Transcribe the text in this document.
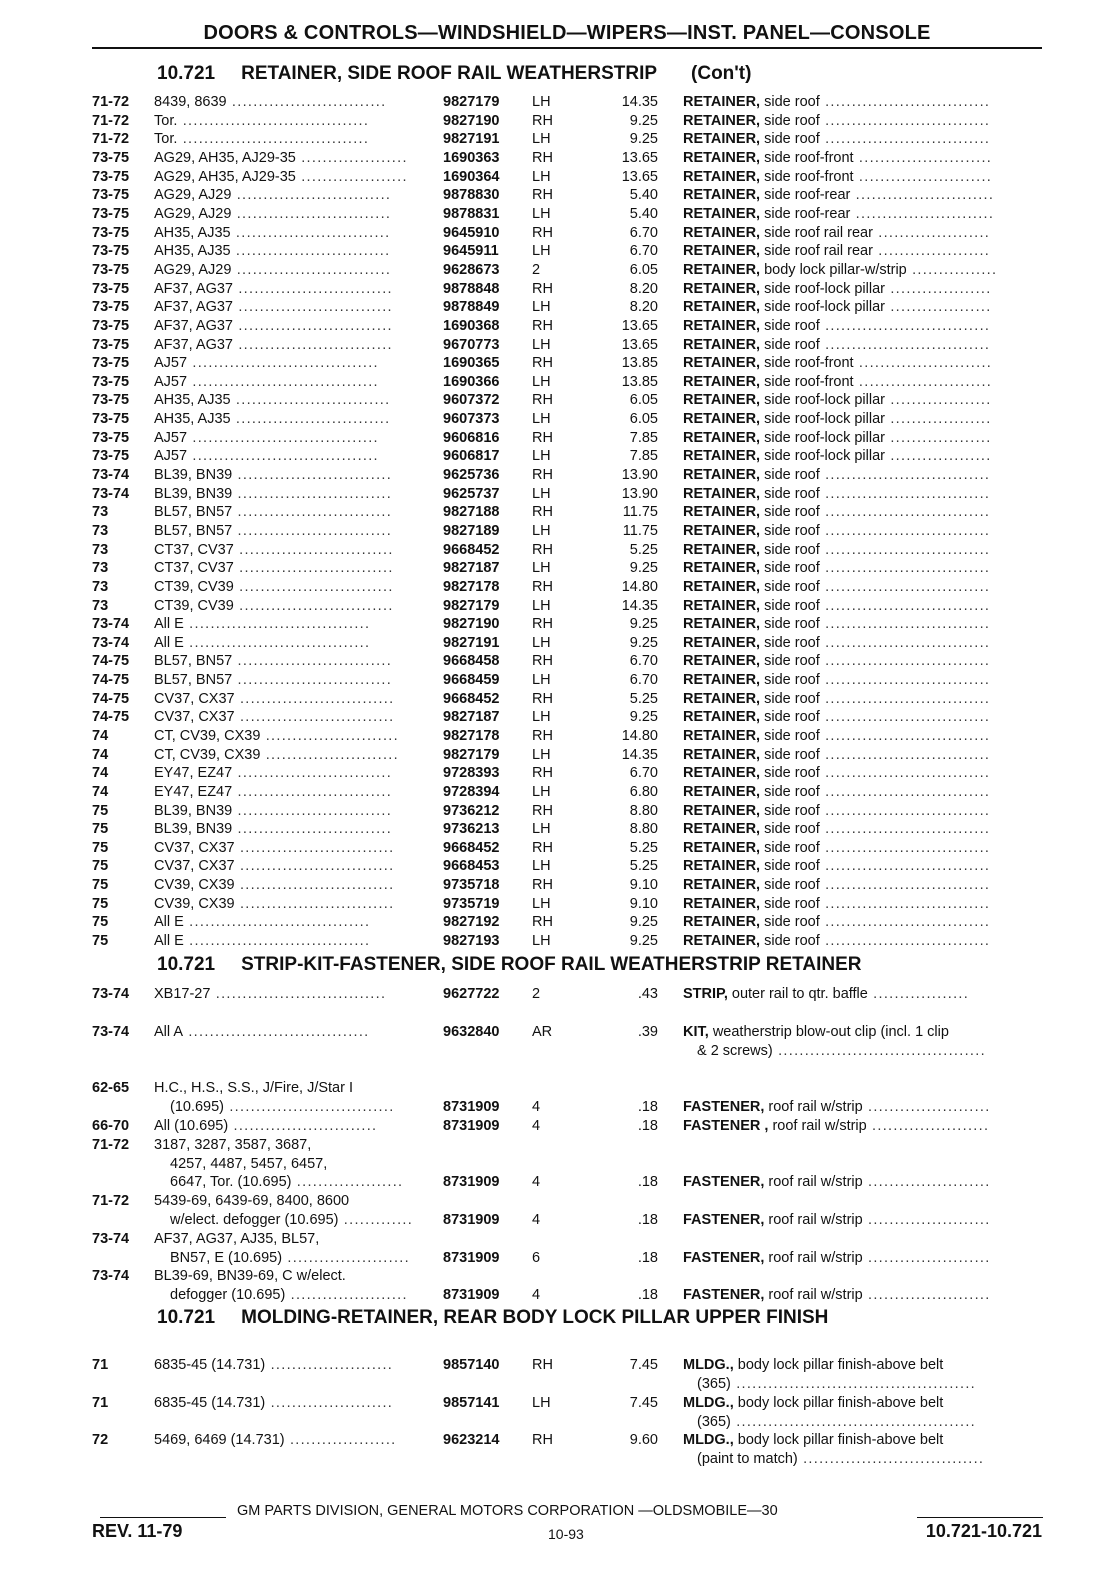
DOORS & CONTROLS—WINDSHIELD—WIPERS—INST. PANEL—CONSOLE
10.721 RETAINER, SIDE ROOF RAIL WEATHERSTRIP (Con't)
71-72 8439, 8639 .............................	9827179 LH	14.35 RETAINER, side roof ...............................
71-72 Tor. ...................................	9827190 RH	9.25 RETAINER, side roof ...............................
71-72 Tor. ...................................	9827191 LH	9.25 RETAINER, side roof ...............................
73-75 AG29, AH35, AJ29-35 ....................	1690363 RH	13.65 RETAINER, side roof-front .........................
73-75 AG29, AH35, AJ29-35 ....................	1690364 LH	13.65 RETAINER, side roof-front .........................
73-75 AG29, AJ29 .............................	9878830 RH	5.40 RETAINER, side roof-rear ..........................
73-75 AG29, AJ29 .............................	9878831 LH	5.40 RETAINER, side roof-rear ..........................
73-75 AH35, AJ35 .............................	9645910 RH	6.70 RETAINER, side roof rail rear .....................
73-75 AH35, AJ35 .............................	9645911 LH	6.70 RETAINER, side roof rail rear .....................
73-75 AG29, AJ29 .............................	9628673 2	6.05 RETAINER, body lock pillar-w/strip ................
73-75 AF37, AG37 .............................	9878848 RH	8.20 RETAINER, side roof-lock pillar ...................
73-75 AF37, AG37 .............................	9878849 LH	8.20 RETAINER, side roof-lock pillar ...................
73-75 AF37, AG37 .............................	1690368 RH	13.65 RETAINER, side roof ...............................
73-75 AF37, AG37 .............................	9670773 LH	13.65 RETAINER, side roof ...............................
73-75 AJ57 ...................................	1690365 RH	13.85 RETAINER, side roof-front .........................
73-75 AJ57 ...................................	1690366 LH	13.85 RETAINER, side roof-front .........................
73-75 AH35, AJ35 .............................	9607372 RH	6.05 RETAINER, side roof-lock pillar ...................
73-75 AH35, AJ35 .............................	9607373 LH	6.05 RETAINER, side roof-lock pillar ...................
73-75 AJ57 ...................................	9606816 RH	7.85 RETAINER, side roof-lock pillar ...................
73-75 AJ57 ...................................	9606817 LH	7.85 RETAINER, side roof-lock pillar ...................
73-74 BL39, BN39 .............................	9625736 RH	13.90 RETAINER, side roof ...............................
73-74 BL39, BN39 .............................	9625737 LH	13.90 RETAINER, side roof ...............................
73	BL57, BN57 .............................	9827188 RH	11.75 RETAINER, side roof ...............................
73	BL57, BN57 .............................	9827189 LH	11.75 RETAINER, side roof ...............................
73	CT37, CV37 .............................	9668452 RH	5.25 RETAINER, side roof ...............................
73	CT37, CV37 .............................	9827187 LH	9.25 RETAINER, side roof ...............................
73	CT39, CV39 .............................	9827178 RH	14.80 RETAINER, side roof ...............................
73	CT39, CV39 .............................	9827179 LH	14.35 RETAINER, side roof ...............................
73-74 All E ..................................	9827190 RH	9.25 RETAINER, side roof ...............................
73-74 All E ..................................	9827191 LH	9.25 RETAINER, side roof ...............................
74-75 BL57, BN57 .............................	9668458 RH	6.70 RETAINER, side roof ...............................
74-75 BL57, BN57 .............................	9668459 LH	6.70 RETAINER, side roof ...............................
74-75 CV37, CX37 .............................	9668452 RH	5.25 RETAINER, side roof ...............................
74-75 CV37, CX37 .............................	9827187 LH	9.25 RETAINER, side roof ...............................
74	CT, CV39, CX39 .........................	9827178 RH	14.80 RETAINER, side roof ...............................
74	CT, CV39, CX39 .........................	9827179 LH	14.35 RETAINER, side roof ...............................
74	EY47, EZ47 .............................	9728393 RH	6.70 RETAINER, side roof ...............................
74	EY47, EZ47 .............................	9728394 LH	6.80 RETAINER, side roof ...............................
75	BL39, BN39 .............................	9736212 RH	8.80 RETAINER, side roof ...............................
75	BL39, BN39 .............................	9736213 LH	8.80 RETAINER, side roof ...............................
75	CV37, CX37 .............................	9668452 RH	5.25 RETAINER, side roof ...............................
75	CV37, CX37 .............................	9668453 LH	5.25 RETAINER, side roof ...............................
75	CV39, CX39 .............................	9735718 RH	9.10 RETAINER, side roof ...............................
75	CV39, CX39 .............................	9735719 LH	9.10 RETAINER, side roof ...............................
75	All E ..................................	9827192 RH	9.25 RETAINER, side roof ...............................
75	All E ..................................	9827193 LH	9.25 RETAINER, side roof ...............................
10.721 STRIP-KIT-FASTENER, SIDE ROOF RAIL WEATHERSTRIP RETAINER
73-74 XB17-27 ................................	9627722 2	.43 STRIP, outer rail to qtr. baffle ..................
73-74 All A ..................................	9632840 AR	.39 KIT, weatherstrip blow-out clip (incl. 1 clip
& 2 screws) .......................................
62-65 H.C., H.S., S.S., J/Fire, J/Star I
(10.695) ...............................	8731909 4	.18 FASTENER, roof rail w/strip .......................
66-70 All (10.695) ...........................	8731909 4	.18 FASTENER , roof rail w/strip ......................
71-72 3187, 3287, 3587, 3687,
4257, 4487, 5457, 6457,
6647, Tor. (10.695) ....................	8731909 4	.18 FASTENER, roof rail w/strip .......................
71-72 5439-69, 6439-69, 8400, 8600
w/elect. defogger (10.695) .............	8731909 4	.18 FASTENER, roof rail w/strip .......................
73-74 AF37, AG37, AJ35, BL57,
BN57, E (10.695) .......................	8731909 6	.18 FASTENER, roof rail w/strip .......................
73-74 BL39-69, BN39-69, C w/elect.
defogger (10.695) ......................	8731909 4	.18 FASTENER, roof rail w/strip .......................
10.721 MOLDING-RETAINER, REAR BODY LOCK PILLAR UPPER FINISH
71	6835-45 (14.731) .......................	9857140 RH	7.45 MLDG., body lock pillar finish-above belt
(365) .............................................
71	6835-45 (14.731) .......................	9857141 LH	7.45 MLDG., body lock pillar finish-above belt
(365) .............................................
72	5469, 6469 (14.731) ....................	9623214 RH	9.60 MLDG., body lock pillar finish-above belt
(paint to match) ..................................
GM PARTS DIVISION, GENERAL MOTORS CORPORATION —OLDSMOBILE—30
REV. 11-79	10-93	10.721-10.721
